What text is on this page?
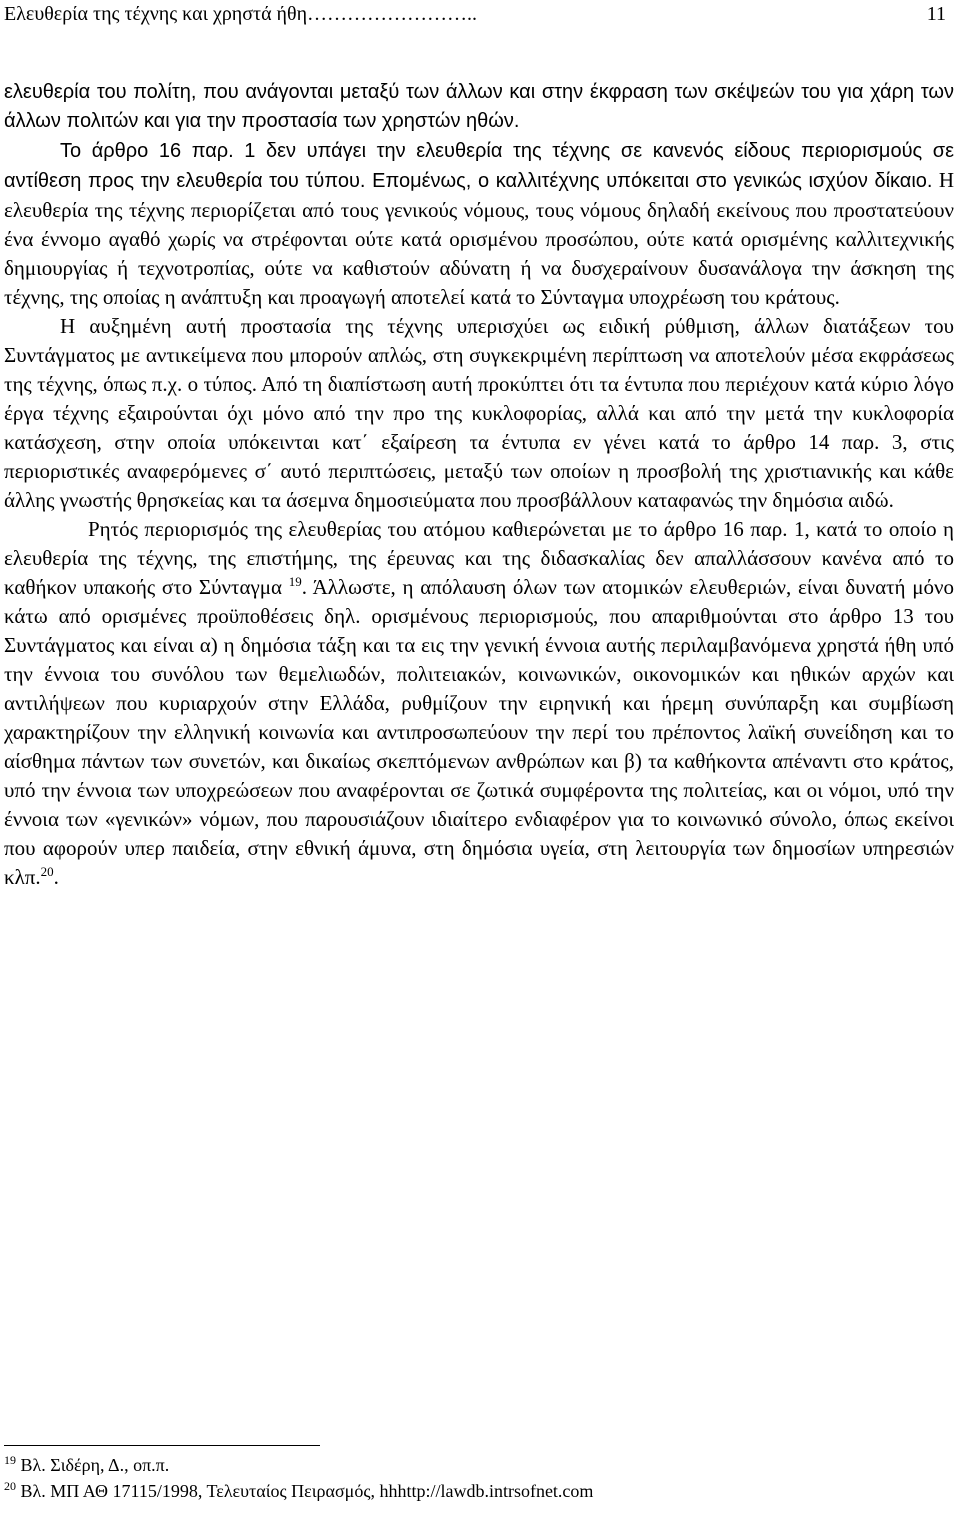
Ελευθερία της τέχνης και χρηστά ήθη……………………..	11

ελευθερία του πολίτη, που ανάγονται μεταξύ των άλλων και στην έκφραση των σκέψεών του για χάρη των άλλων πολιτών και για την προστασία των χρηστών ηθών.

Το άρθρο 16 παρ. 1 δεν υπάγει την ελευθερία της τέχνης σε κανενός είδους περιορισμούς σε αντίθεση προς την ελευθερία του τύπου. Επομένως, ο καλλιτέχνης υπόκειται στο γενικώς ισχύον δίκαιο. Η ελευθερία της τέχνης περιορίζεται από τους γενικούς νόμους, τους νόμους δηλαδή εκείνους που προστατεύουν ένα έννομο αγαθό χωρίς να στρέφονται ούτε κατά ορισμένου προσώπου, ούτε κατά ορισμένης καλλιτεχνικής δημιουργίας ή τεχνοτροπίας, ούτε να καθιστούν αδύνατη ή να δυσχεραίνουν δυσανάλογα την άσκηση της τέχνης, της οποίας η ανάπτυξη και προαγωγή αποτελεί κατά το Σύνταγμα υποχρέωση του κράτους.

Η αυξημένη αυτή προστασία της τέχνης υπερισχύει ως ειδική ρύθμιση, άλλων διατάξεων του Συντάγματος με αντικείμενα που μπορούν απλώς, στη συγκεκριμένη περίπτωση να αποτελούν μέσα εκφράσεως της τέχνης, όπως π.χ. ο τύπος. Από τη διαπίστωση αυτή προκύπτει ότι τα έντυπα που περιέχουν κατά κύριο λόγο έργα τέχνης εξαιρούνται όχι μόνο από την προ της κυκλοφορίας, αλλά και από την μετά την κυκλοφορία κατάσχεση, στην οποία υπόκεινται κατ΄ εξαίρεση τα έντυπα εν γένει κατά το άρθρο 14 παρ. 3, στις περιοριστικές αναφερόμενες σ΄ αυτό περιπτώσεις, μεταξύ των οποίων η προσβολή της χριστιανικής και κάθε άλλης γνωστής θρησκείας και τα άσεμνα δημοσιεύματα που προσβάλλουν καταφανώς την δημόσια αιδώ.

Ρητός περιορισμός της ελευθερίας του ατόμου καθιερώνεται με το άρθρο 16 παρ. 1, κατά το οποίο η ελευθερία της τέχνης, της επιστήμης, της έρευνας και της διδασκαλίας δεν απαλλάσσουν κανένα από το καθήκον υπακοής στο Σύνταγμα $^{19}$. Άλλωστε, η απόλαυση όλων των ατομικών ελευθεριών, είναι δυνατή μόνο κάτω από ορισμένες προϋποθέσεις δηλ. ορισμένους περιορισμούς, που απαριθμούνται στο άρθρο 13 του Συντάγματος και είναι α) η δημόσια τάξη και τα εις την γενική έννοια αυτής περιλαμβανόμενα χρηστά ήθη υπό την έννοια του συνόλου των θεμελιωδών, πολιτειακών, κοινωνικών, οικονομικών και ηθικών αρχών και αντιλήψεων που κυριαρχούν στην Ελλάδα, ρυθμίζουν την ειρηνική και ήρεμη συνύπαρξη και συμβίωση χαρακτηρίζουν την ελληνική κοινωνία και αντιπροσωπεύουν την περί του πρέποντος λαϊκή συνείδηση και το αίσθημα πάντων των συνετών, και δικαίως σκεπτόμενων ανθρώπων και β) τα καθήκοντα απέναντι στο κράτος, υπό την έννοια των υποχρεώσεων που αναφέρονται σε ζωτικά συμφέροντα της πολιτείας, και οι νόμοι, υπό την έννοια των «γενικών» νόμων, που παρουσιάζουν ιδιαίτερο ενδιαφέρον για το κοινωνικό σύνολο, όπως εκείνοι που αφορούν υπερ παιδεία, στην εθνική άμυνα, στη δημόσια υγεία, στη λειτουργία των δημοσίων υπηρεσιών κλπ.$^{20}$.

$^{19}$ Βλ. Σιδέρη, Δ., οπ.π.
$^{20}$ Βλ. ΜΠ ΑΘ 17115/1998, Τελευταίος Πειρασμός, hhhttp://lawdb.intrsofnet.com
